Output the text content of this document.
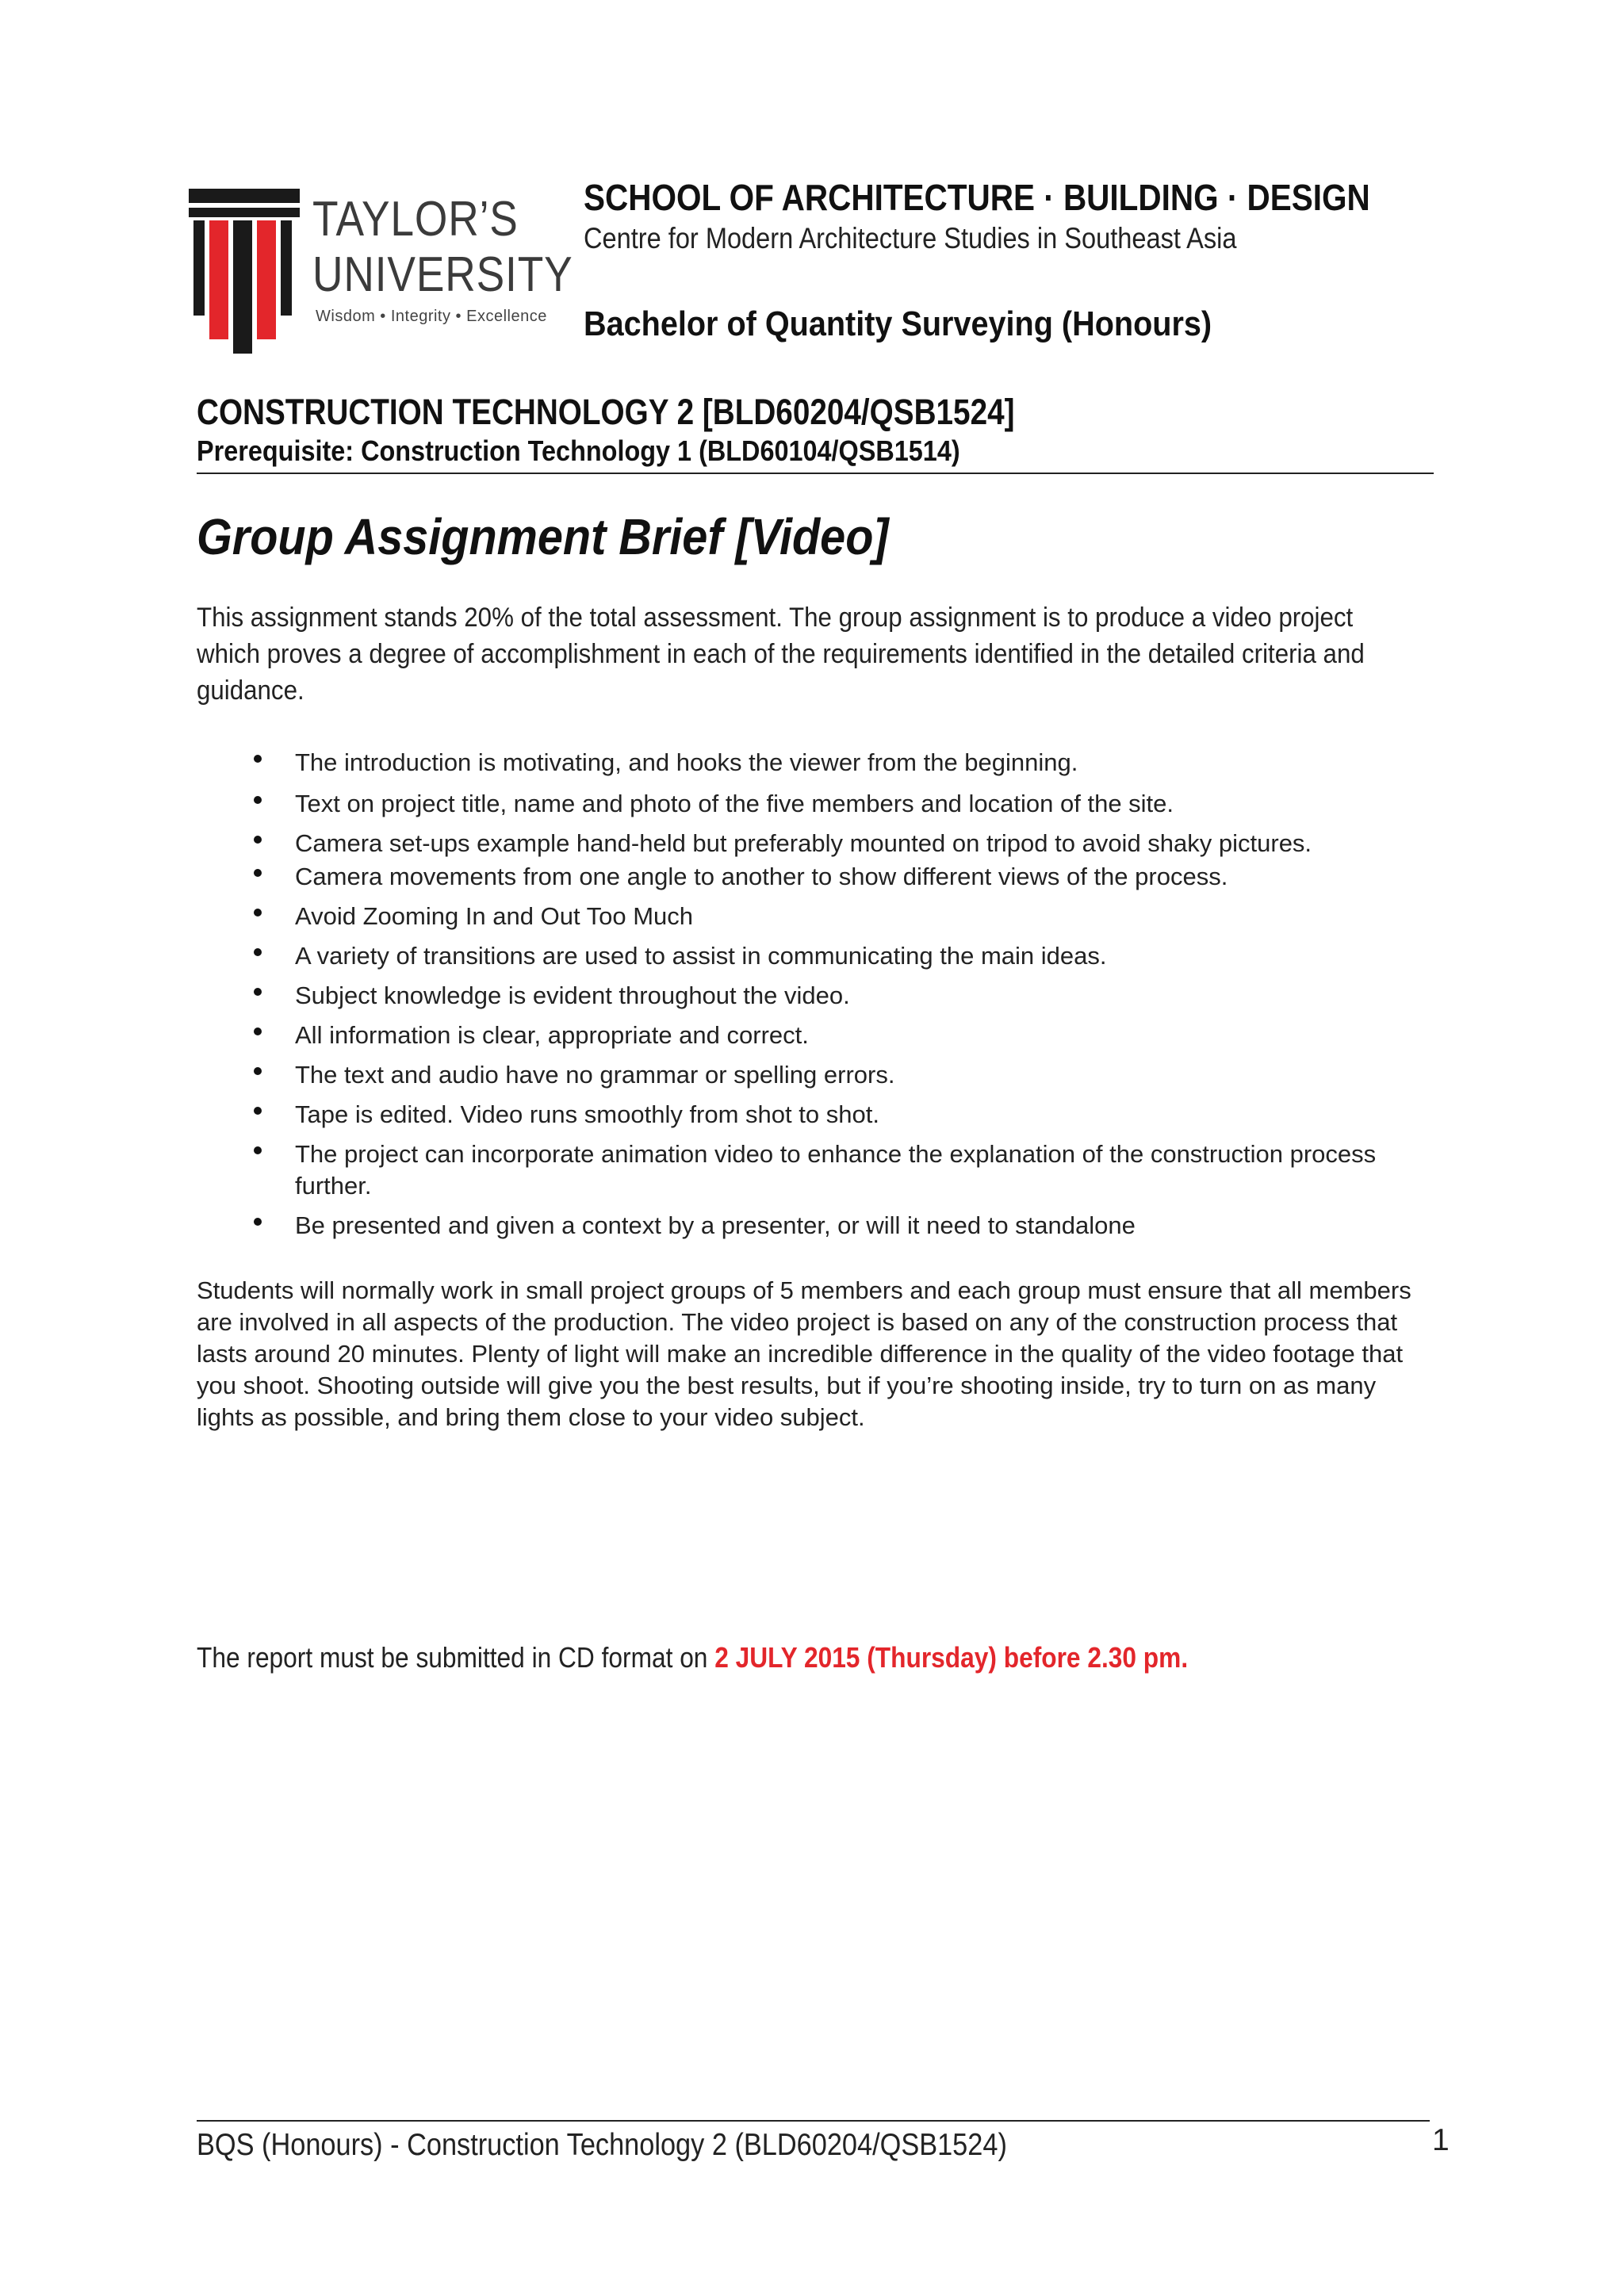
TAYLOR’S
UNIVERSITY
Wisdom • Integrity • Excellence
SCHOOL OF ARCHITECTURE · BUILDING · DESIGN
Centre for Modern Architecture Studies in Southeast Asia
Bachelor of Quantity Surveying (Honours)
CONSTRUCTION TECHNOLOGY 2 [BLD60204/QSB1524]
Prerequisite: Construction Technology 1 (BLD60104/QSB1514)
Group Assignment Brief [Video]
This assignment stands 20% of the total assessment. The group assignment is to produce a video project which proves a degree of accomplishment in each of the requirements identified in the detailed criteria and guidance.
The introduction is motivating, and hooks the viewer from the beginning.
Text on project title, name and photo of the five members and location of the site.
Camera set-ups example hand-held but preferably mounted on tripod to avoid shaky pictures.
Camera movements from one angle to another to show different views of the process.
Avoid Zooming In and Out Too Much
A variety of transitions are used to assist in communicating the main ideas.
Subject knowledge is evident throughout the video.
All information is clear, appropriate and correct.
The text and audio have no grammar or spelling errors.
Tape is edited. Video runs smoothly from shot to shot.
The project can incorporate animation video to enhance the explanation of the construction process further.
Be presented and given a context by a presenter, or will it need to standalone
Students will normally work in small project groups of 5 members and each group must ensure that all members are involved in all aspects of the production. The video project is based on any of the construction process that lasts around 20 minutes. Plenty of light will make an incredible difference in the quality of the video footage that you shoot. Shooting outside will give you the best results, but if you’re shooting inside, try to turn on as many lights as possible, and bring them close to your video subject.
The report must be submitted in CD format on 2 JULY 2015 (Thursday) before 2.30 pm.
BQS (Honours) - Construction Technology 2 (BLD60204/QSB1524)	1
